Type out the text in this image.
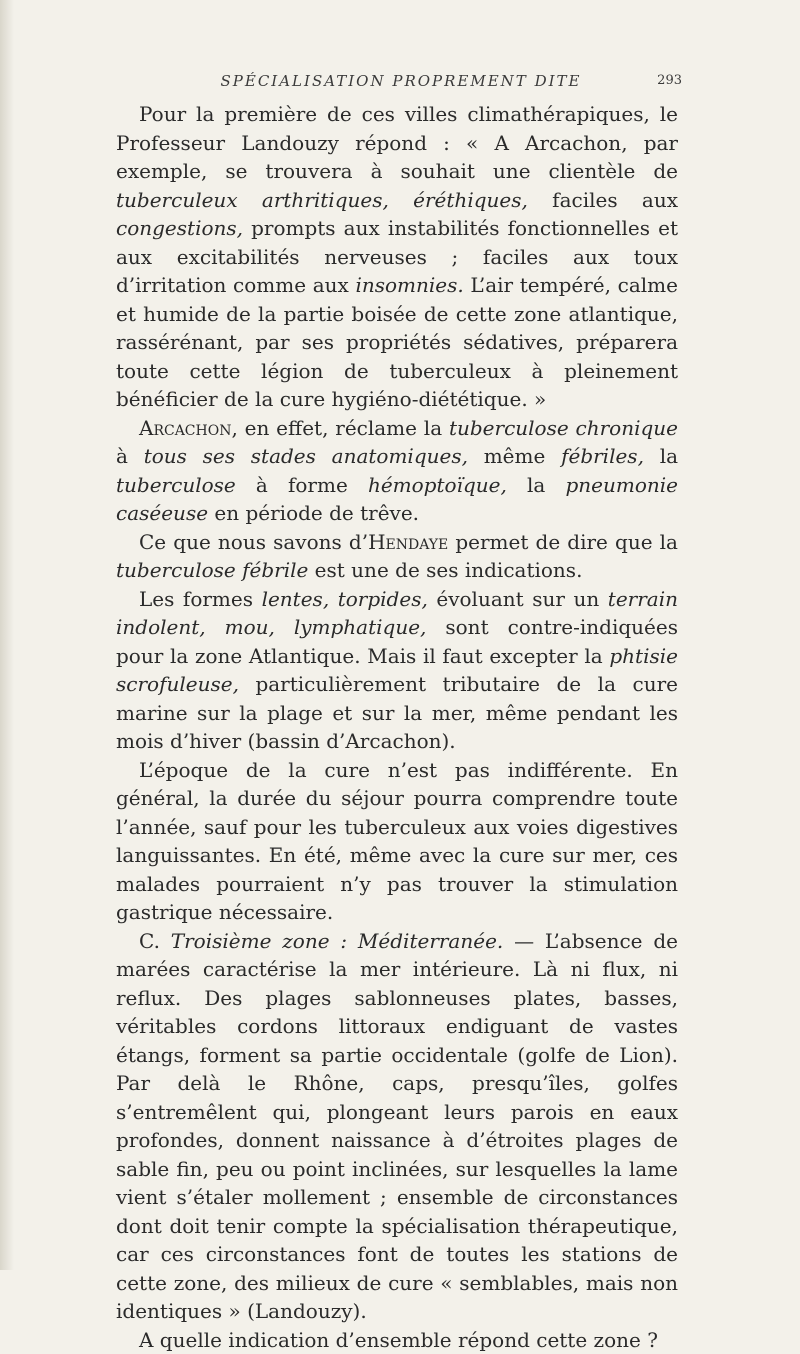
SPÉCIALISATION PROPREMENT DITE	293

Pour la première de ces villes climathérapiques, le Professeur Landouzy répond : « A Arcachon, par exemple, se trouvera à souhait une clientèle de tuberculeux arthritiques, éréthiques, faciles aux congestions, prompts aux instabilités fonctionnelles et aux excitabilités nerveuses ; faciles aux toux d’irritation comme aux insomnies. L’air tempéré, calme et humide de la partie boisée de cette zone atlantique, rassérénant, par ses propriétés sédatives, préparera toute cette légion de tuberculeux à pleinement bénéficier de la cure hygiéno-diététique. »

Arcachon, en effet, réclame la tuberculose chronique à tous ses stades anatomiques, même fébriles, la tuberculose à forme hémoptoïque, la pneumonie caséeuse en période de trêve.

Ce que nous savons d’Hendaye permet de dire que la tuberculose fébrile est une de ses indications.

Les formes lentes, torpides, évoluant sur un terrain indolent, mou, lymphatique, sont contre-indiquées pour la zone Atlantique. Mais il faut excepter la phtisie scrofuleuse, particulièrement tributaire de la cure marine sur la plage et sur la mer, même pendant les mois d’hiver (bassin d’Arcachon).

L’époque de la cure n’est pas indifférente. En général, la durée du séjour pourra comprendre toute l’année, sauf pour les tuberculeux aux voies digestives languissantes. En été, même avec la cure sur mer, ces malades pourraient n’y pas trouver la stimulation gastrique nécessaire.

C. Troisième zone : Méditerranée. — L’absence de marées caractérise la mer intérieure. Là ni flux, ni reflux. Des plages sablonneuses plates, basses, véritables cordons littoraux endiguant de vastes étangs, forment sa partie occidentale (golfe de Lion). Par delà le Rhône, caps, presqu’îles, golfes s’entremêlent qui, plongeant leurs parois en eaux profondes, donnent naissance à d’étroites plages de sable fin, peu ou point inclinées, sur lesquelles la lame vient s’étaler mollement ; ensemble de circonstances dont doit tenir compte la spécialisation thérapeutique, car ces circonstances font de toutes les stations de cette zone, des milieux de cure « semblables, mais non identiques » (Landouzy).

A quelle indication d’ensemble répond cette zone ?
